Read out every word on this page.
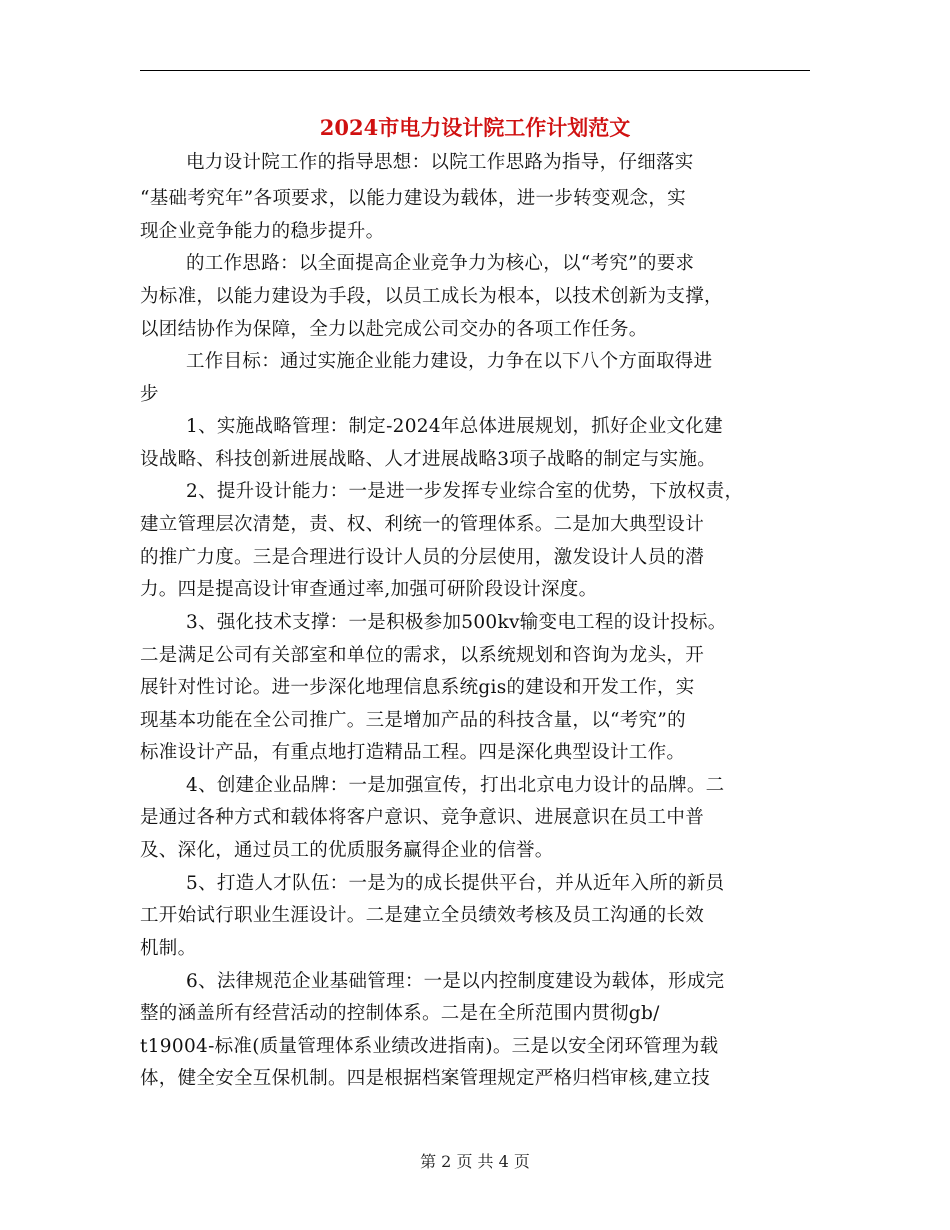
2024市电力设计院工作计划范文
电力设计院工作的指导思想：以院工作思路为指导，仔细落实
“基础考究年”各项要求，以能力建设为载体，进一步转变观念，实
现企业竞争能力的稳步提升。
的工作思路：以全面提高企业竞争力为核心，以“考究”的要求
为标准，以能力建设为手段，以员工成长为根本，以技术创新为支撑，
以团结协作为保障，全力以赴完成公司交办的各项工作任务。
工作目标：通过实施企业能力建设，力争在以下八个方面取得进
步
1、实施战略管理：制定-2024年总体进展规划，抓好企业文化建
设战略、科技创新进展战略、人才进展战略3项子战略的制定与实施。
2、提升设计能力：一是进一步发挥专业综合室的优势，下放权责，
建立管理层次清楚，责、权、利统一的管理体系。二是加大典型设计
的推广力度。三是合理进行设计人员的分层使用，激发设计人员的潜
力。四是提高设计审查通过率,加强可研阶段设计深度。
3、强化技术支撑：一是积极参加500kv输变电工程的设计投标。
二是满足公司有关部室和单位的需求，以系统规划和咨询为龙头，开
展针对性讨论。进一步深化地理信息系统gis的建设和开发工作，实
现基本功能在全公司推广。三是增加产品的科技含量，以“考究”的
标准设计产品，有重点地打造精品工程。四是深化典型设计工作。
4、创建企业品牌：一是加强宣传，打出北京电力设计的品牌。二
是通过各种方式和载体将客户意识、竞争意识、进展意识在员工中普
及、深化，通过员工的优质服务赢得企业的信誉。
5、打造人才队伍：一是为的成长提供平台，并从近年入所的新员
工开始试行职业生涯设计。二是建立全员绩效考核及员工沟通的长效
机制。
6、法律规范企业基础管理：一是以内控制度建设为载体，形成完
整的涵盖所有经营活动的控制体系。二是在全所范围内贯彻gb/
t19004-标准(质量管理体系业绩改进指南)。三是以安全闭环管理为载
体，健全安全互保机制。四是根据档案管理规定严格归档审核,建立技
第 2 页 共 4 页
